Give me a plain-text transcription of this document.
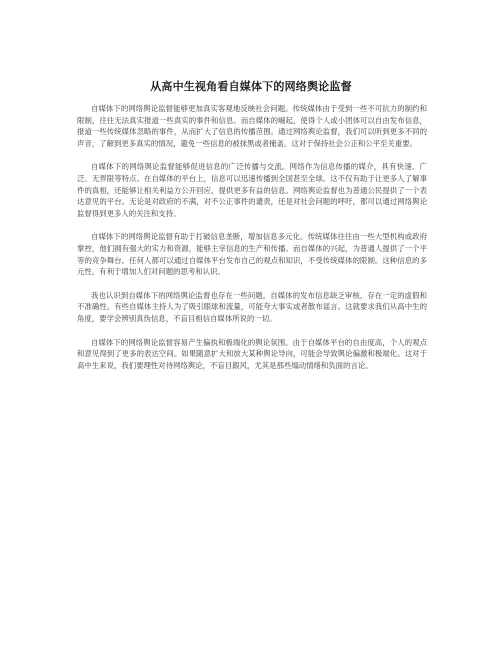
从高中生视角看自媒体下的网络舆论监督

自媒体下的网络舆论监督能够更加真实客观地反映社会问题。传统媒体由于受到一些不可抗力的制约和限制，往往无法真实报道一些真实的事件和信息。而自媒体的崛起，使得个人或小团体可以自由发布信息，报道一些传统媒体忽略的事件，从而扩大了信息的传播范围。通过网络舆论监督，我们可以听到更多不同的声音，了解到更多真实的情况，避免一些信息的被抹黑或者掩盖。这对于保持社会公正和公平至关重要。

自媒体下的网络舆论监督能够促进信息的广泛传播与交流。网络作为信息传播的媒介，具有快速、广泛、无界限等特点。在自媒体的平台上，信息可以迅速传播到全国甚至全球。这不仅有助于让更多人了解事件的真相，还能够让相关利益方公开回应，提供更多有益的信息。网络舆论监督也为普通公民提供了一个表达意见的平台。无论是对政府的不满，对不公正事件的谴责，还是对社会问题的呼吁，都可以通过网络舆论监督得到更多人的关注和支持。

自媒体下的网络舆论监督有助于打破信息垄断，增加信息多元化。传统媒体往往由一些大型机构或政府掌控，他们拥有强大的实力和资源，能够主宰信息的生产和传播。而自媒体的兴起，为普通人提供了一个平等的竞争舞台。任何人都可以通过自媒体平台发布自己的观点和知识，不受传统媒体的限制。这种信息的多元性，有利于增加人们对问题的思考和认识。

我也认识到自媒体下的网络舆论监督也存在一些问题。自媒体的发布信息缺乏审核，存在一定的虚假和不准确性。有些自媒体主持人为了吸引眼球和流量，可能夸大事实或者散布谣言。这就要求我们从高中生的角度，要学会辨别真伪信息，不盲目相信自媒体所说的一切。

自媒体下的网络舆论监督容易产生偏执和极端化的舆论氛围。由于自媒体平台的自由度高，个人的观点和意见得到了更多的表达空间。如果随意扩大和放大某种舆论导向，可能会导致舆论偏激和极端化。这对于高中生来说，我们要理性对待网络舆论，不盲目跟风，尤其是那些煽动情绪和负面的言论。
